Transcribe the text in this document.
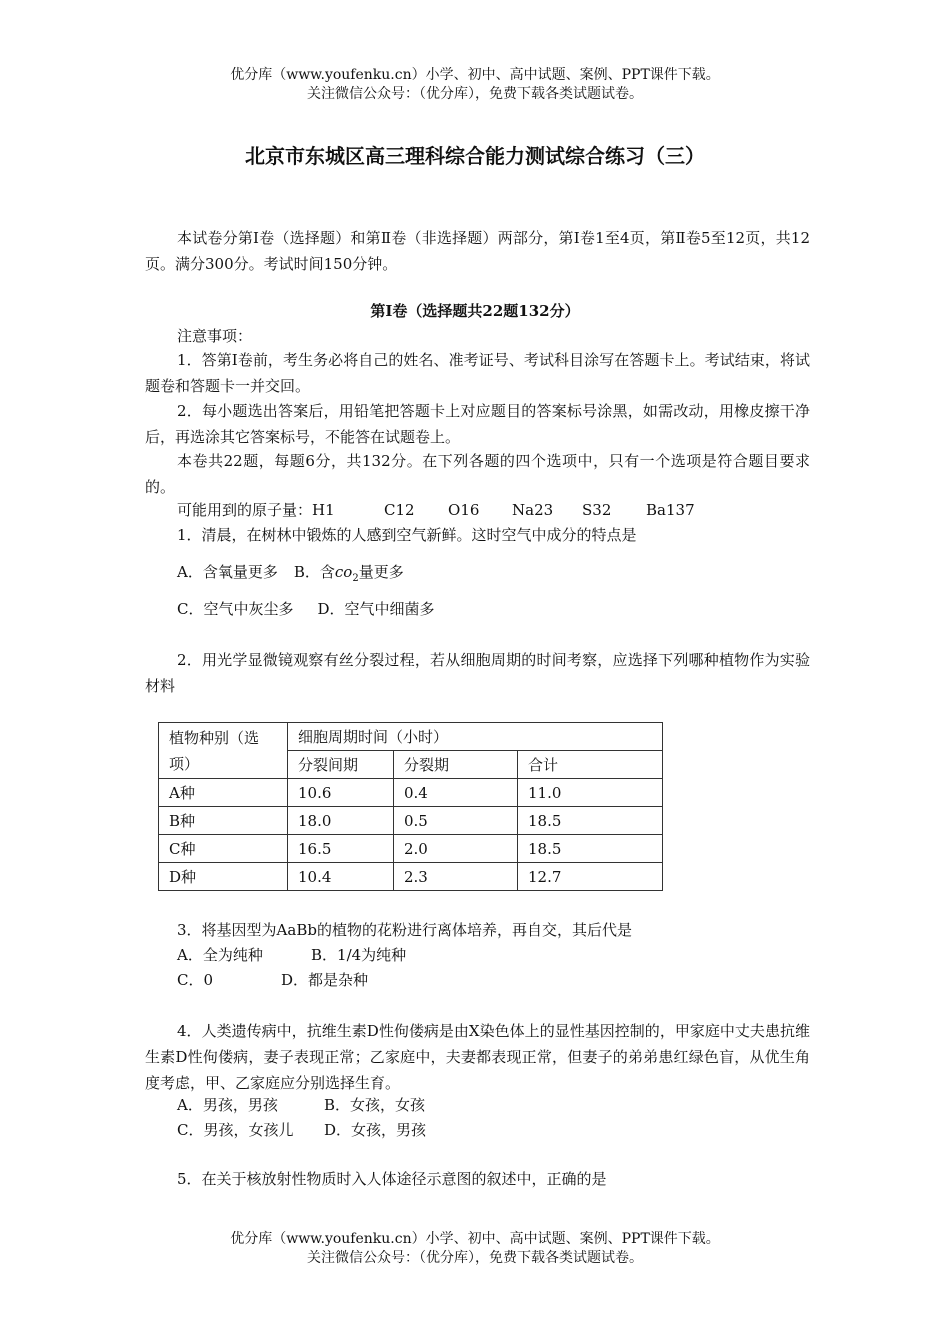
优分库（www.youfenku.cn）小学、初中、高中试题、案例、PPT课件下载。
关注微信公众号：（优分库），免费下载各类试题试卷。
北京市东城区高三理科综合能力测试综合练习（三）
本试卷分第Ⅰ卷（选择题）和第Ⅱ卷（非选择题）两部分，第Ⅰ卷1至4页，第Ⅱ卷5至12页，共12页。满分300分。考试时间150分钟。
第Ⅰ卷（选择题共22题132分）
注意事项：
1．答第Ⅰ卷前，考生务必将自己的姓名、准考证号、考试科目涂写在答题卡上。考试结束，将试题卷和答题卡一并交回。
2．每小题选出答案后，用铅笔把答题卡上对应题目的答案标号涂黑，如需改动，用橡皮擦干净后，再选涂其它答案标号，不能答在试题卷上。
本卷共22题，每题6分，共132分。在下列各题的四个选项中，只有一个选项是符合题目要求的。
可能用到的原子量：H1	C12 O16 Na23 S32 Ba137
1．清晨，在树林中锻炼的人感到空气新鲜。这时空气中成分的特点是
A．含氧量更多 B．含$co_2$量更多
C．空气中灰尘多 D．空气中细菌多
2．用光学显微镜观察有丝分裂过程，若从细胞周期的时间考察，应选择下列哪种植物作为实验材料
植物种别（选项）	细胞周期时间（小时）		
	分裂间期	分裂期	合计
A种	10.6	0.4	11.0
B种	18.0	0.5	18.5
C种	16.5	2.0	18.5
D种	10.4	2.3	12.7
3．将基因型为AaBb的植物的花粉进行离体培养，再自交，其后代是
A．全为纯种	B．1/4为纯种
C．0	D．都是杂种
4．人类遗传病中，抗维生素D性佝偻病是由X染色体上的显性基因控制的，甲家庭中丈夫患抗维生素D性佝偻病，妻子表现正常；乙家庭中，夫妻都表现正常，但妻子的弟弟患红绿色盲，从优生角度考虑，甲、乙家庭应分别选择生育。
A．男孩，男孩	B．女孩，女孩
C．男孩，女孩儿 D．女孩，男孩
5．在关于核放射性物质时入人体途径示意图的叙述中，正确的是
优分库（www.youfenku.cn）小学、初中、高中试题、案例、PPT课件下载。
关注微信公众号：（优分库），免费下载各类试题试卷。
